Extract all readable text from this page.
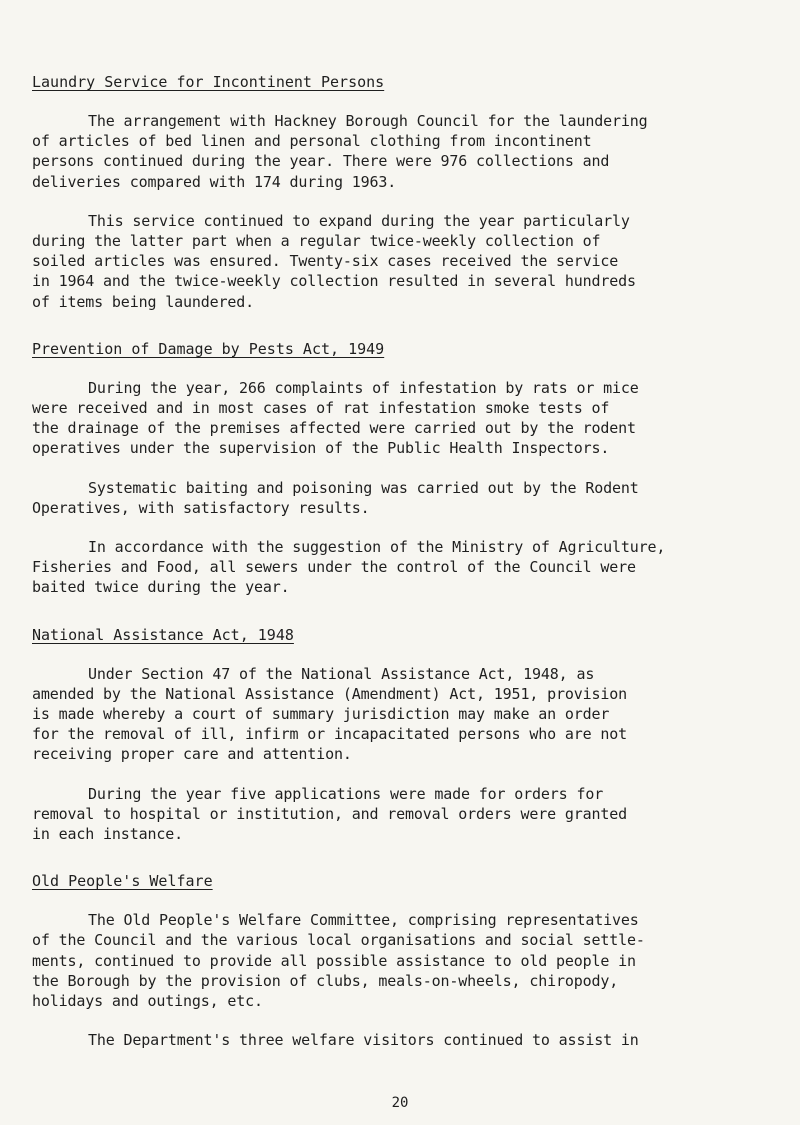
Laundry Service for Incontinent Persons
The arrangement with Hackney Borough Council for the laundering
of articles of bed linen and personal clothing from incontinent
persons continued during the year. There were 976 collections and
deliveries compared with 174 during 1963.
This service continued to expand during the year particularly
during the latter part when a regular twice-weekly collection of
soiled articles was ensured. Twenty-six cases received the service
in 1964 and the twice-weekly collection resulted in several hundreds
of items being laundered.
Prevention of Damage by Pests Act, 1949
During the year, 266 complaints of infestation by rats or mice
were received and in most cases of rat infestation smoke tests of
the drainage of the premises affected were carried out by the rodent
operatives under the supervision of the Public Health Inspectors.
Systematic baiting and poisoning was carried out by the Rodent
Operatives, with satisfactory results.
In accordance with the suggestion of the Ministry of Agriculture,
Fisheries and Food, all sewers under the control of the Council were
baited twice during the year.
National Assistance Act, 1948
Under Section 47 of the National Assistance Act, 1948, as
amended by the National Assistance (Amendment) Act, 1951, provision
is made whereby a court of summary jurisdiction may make an order
for the removal of ill, infirm or incapacitated persons who are not
receiving proper care and attention.
During the year five applications were made for orders for
removal to hospital or institution, and removal orders were granted
in each instance.
Old People's Welfare
The Old People's Welfare Committee, comprising representatives
of the Council and the various local organisations and social settle-
ments, continued to provide all possible assistance to old people in
the Borough by the provision of clubs, meals-on-wheels, chiropody,
holidays and outings, etc.
The Department's three welfare visitors continued to assist in
20
